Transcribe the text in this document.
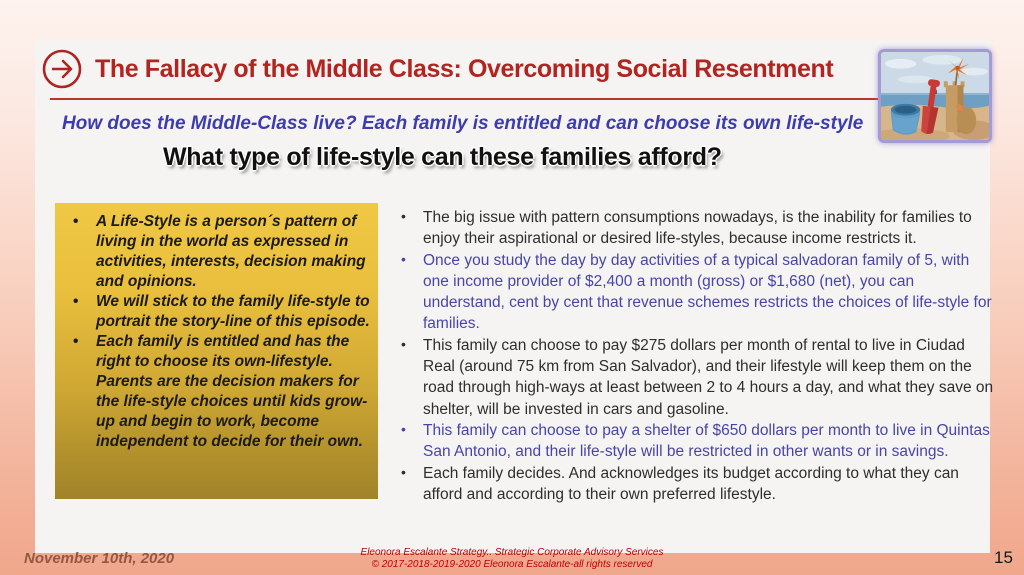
The Fallacy of the Middle Class: Overcoming Social Resentment
How does the Middle-Class live? Each family is entitled and can choose its own life-style
What type of life-style can these families afford?
• A Life-Style is a person´s pattern of living in the world as expressed in activities, interests, decision making and opinions.
• We will stick to the family life-style to portrait the story-line of this episode.
• Each family is entitled and has the right to choose its own-lifestyle. Parents are the decision makers for the life-style choices until kids grow-up and begin to work, become independent to decide for their own.
• The big issue with pattern consumptions nowadays, is the inability for families to enjoy their aspirational or desired life-styles, because income restricts it.
• Once you study the day by day activities of a typical salvadoran family of 5, with one income provider of $2,400 a month (gross) or $1,680 (net), you can understand, cent by cent that revenue schemes restricts the choices of life-style for families.
• This family can choose to pay $275 dollars per month of rental to live in Ciudad Real (around 75 km from San Salvador), and their lifestyle will keep them on the road through high-ways at least between 2 to 4 hours a day, and what they save on shelter, will be invested in cars and gasoline.
• This family can choose to pay a shelter of $650 dollars per month to live in Quintas San Antonio, and their life-style will be restricted in other wants or in savings.
• Each family decides. And acknowledges its budget according to what they can afford and according to their own preferred lifestyle.
November 10th, 2020	Eleonora Escalante Strategy.. Strategic Corporate Advisory Services
© 2017-2018-2019-2020 Eleonora Escalante-all rights reserved	15
